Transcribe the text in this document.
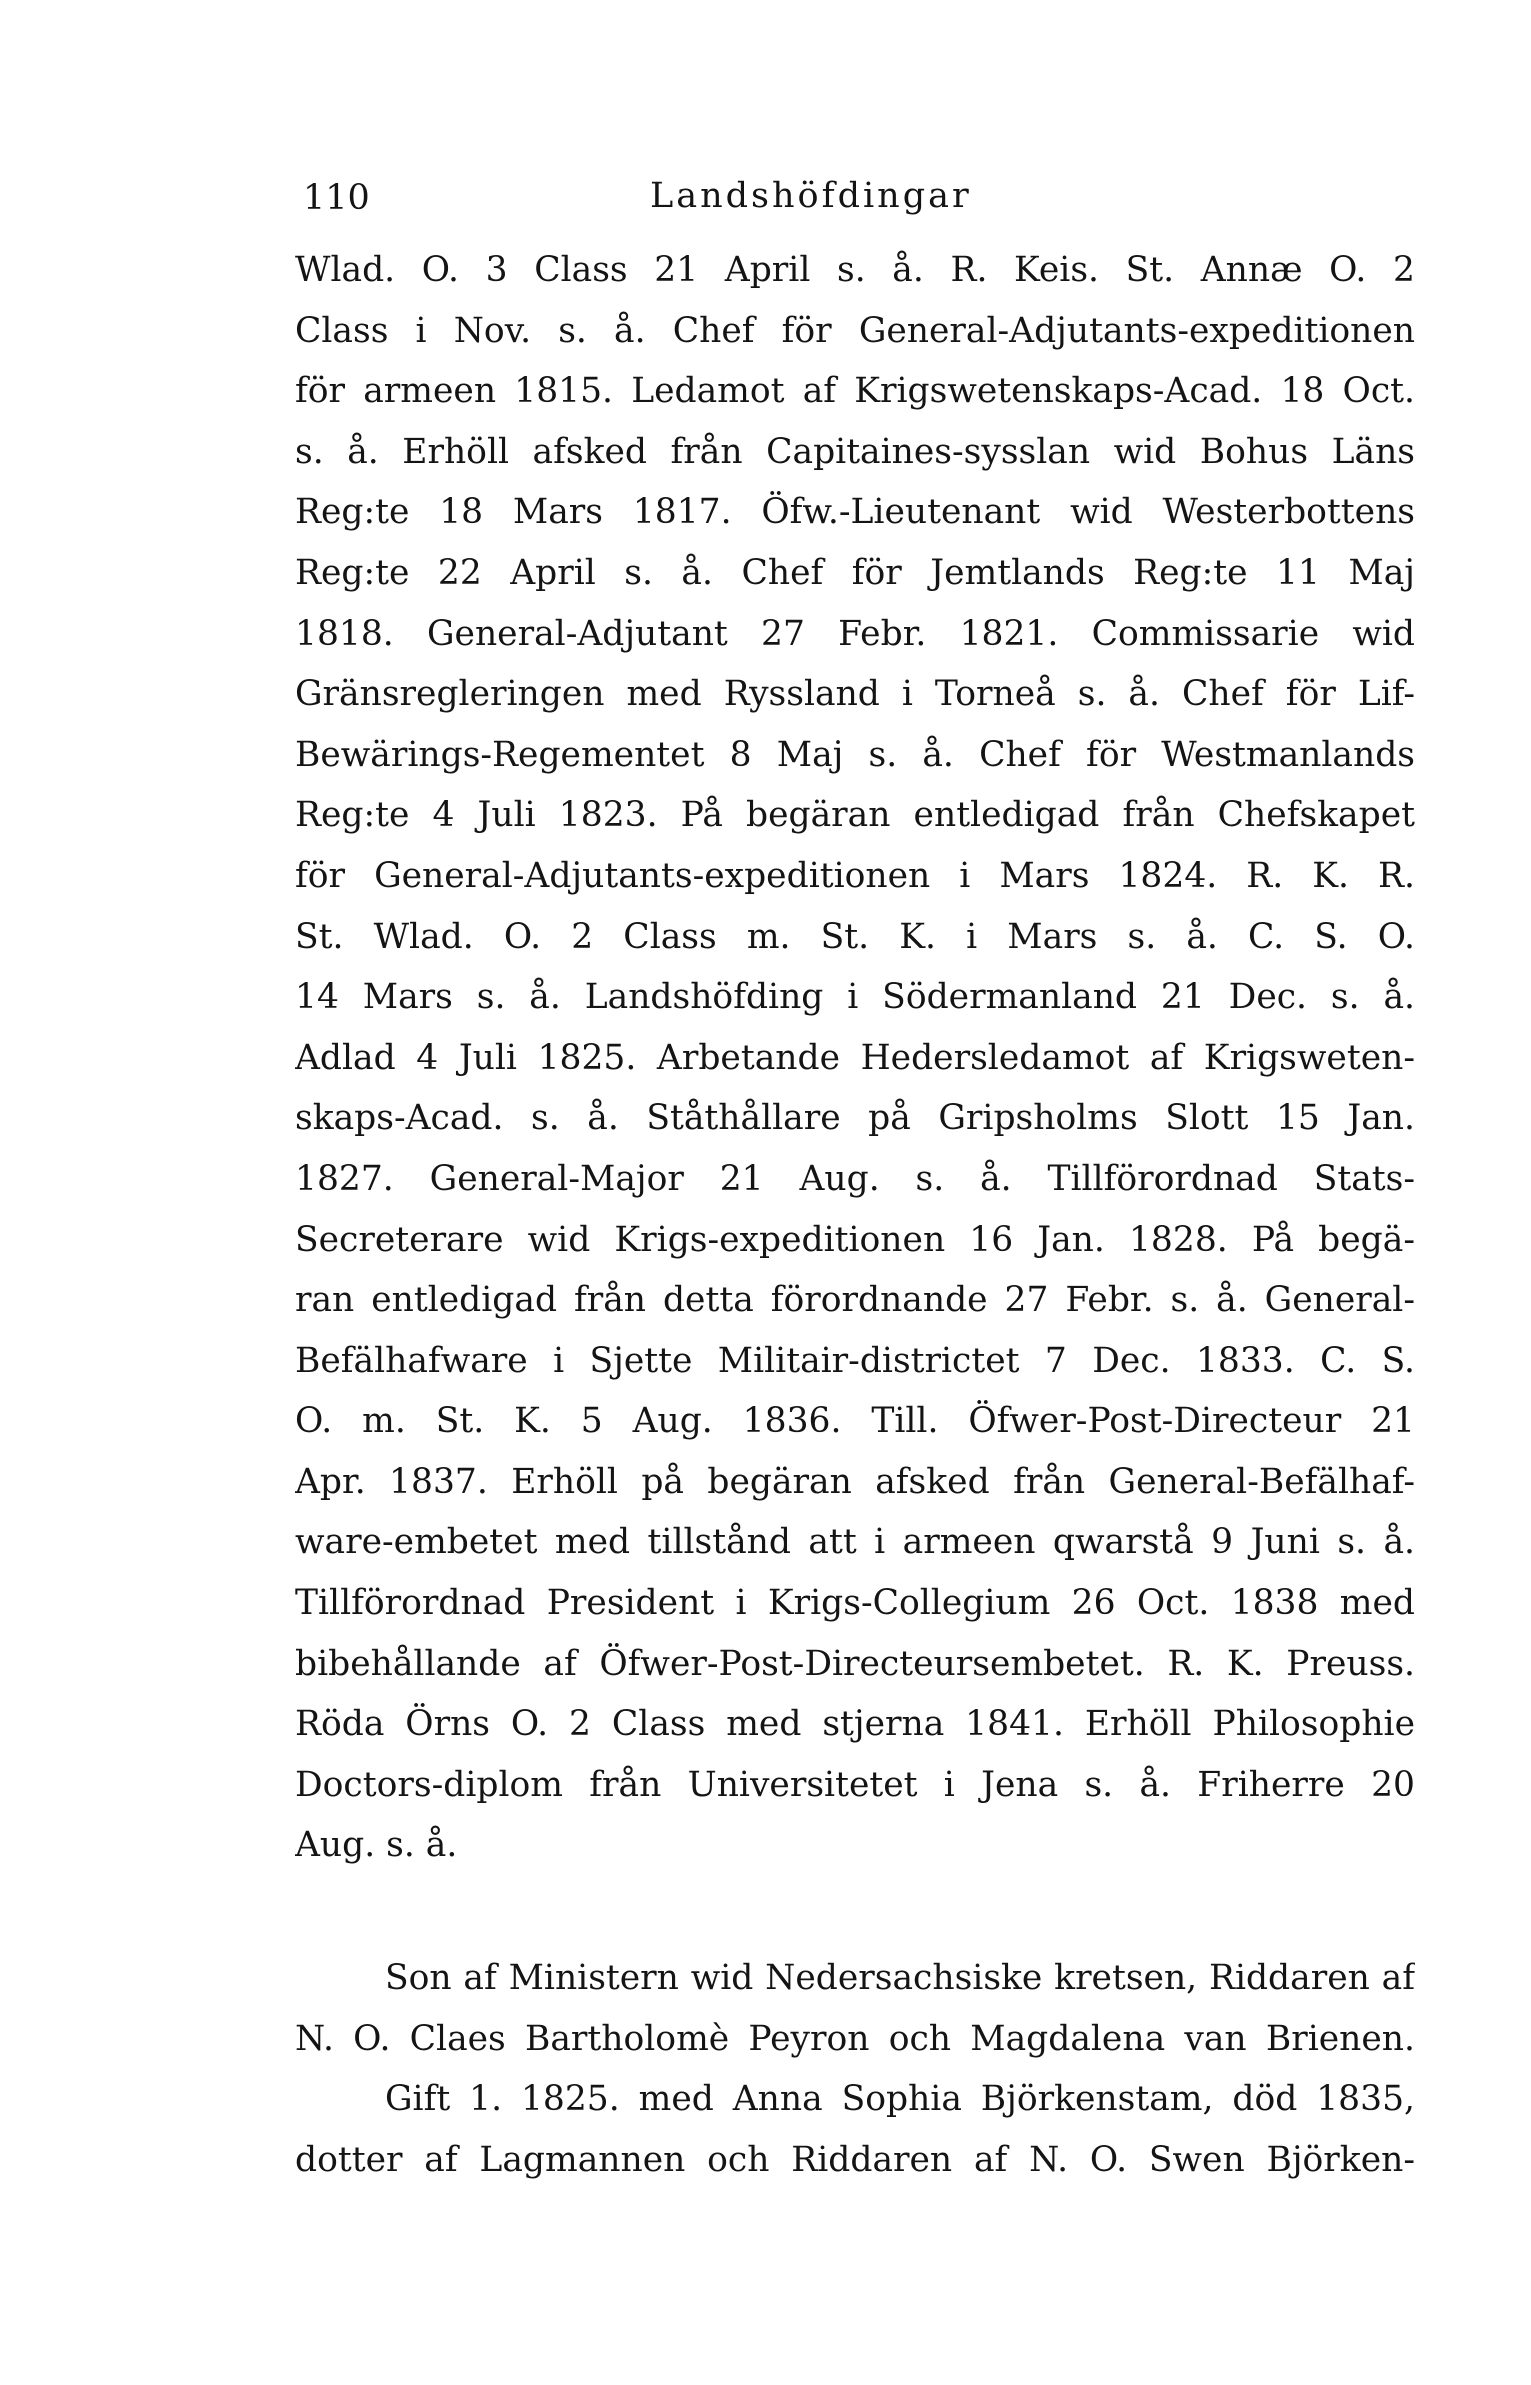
110	Landshöfdingar
Wlad. O. 3 Class 21 April s. å. R. Keis. St. Annæ O. 2
Class i Nov. s. å. Chef för General-Adjutants-expeditionen
för armeen 1815. Ledamot af Krigswetenskaps-Acad. 18 Oct.
s. å. Erhöll afsked från Capitaines-sysslan wid Bohus Läns
Reg:te 18 Mars 1817. Öfw.-Lieutenant wid Westerbottens
Reg:te 22 April s. å. Chef för Jemtlands Reg:te 11 Maj
1818. General-Adjutant 27 Febr. 1821. Commissarie wid
Gränsregleringen med Ryssland i Torneå s. å. Chef för Lif-
Bewärings-Regementet 8 Maj s. å. Chef för Westmanlands
Reg:te 4 Juli 1823. På begäran entledigad från Chefskapet
för General-Adjutants-expeditionen i Mars 1824. R. K. R.
St. Wlad. O. 2 Class m. St. K. i Mars s. å. C. S. O.
14 Mars s. å. Landshöfding i Södermanland 21 Dec. s. å.
Adlad 4 Juli 1825. Arbetande Hedersledamot af Krigsweten-
skaps-Acad. s. å. Ståthållare på Gripsholms Slott 15 Jan.
1827. General-Major 21 Aug. s. å. Tillförordnad Stats-
Secreterare wid Krigs-expeditionen 16 Jan. 1828. På begä-
ran entledigad från detta förordnande 27 Febr. s. å. General-
Befälhafware i Sjette Militair-districtet 7 Dec. 1833. C. S.
O. m. St. K. 5 Aug. 1836. Till. Öfwer-Post-Directeur 21
Apr. 1837. Erhöll på begäran afsked från General-Befälhaf-
ware-embetet med tillstånd att i armeen qwarstå 9 Juni s. å.
Tillförordnad President i Krigs-Collegium 26 Oct. 1838 med
bibehållande af Öfwer-Post-Directeursembetet. R. K. Preuss.
Röda Örns O. 2 Class med stjerna 1841. Erhöll Philosophie
Doctors-diplom från Universitetet i Jena s. å. Friherre 20
Aug. s. å.
Son af Ministern wid Nedersachsiske kretsen, Riddaren af
N. O. Claes Bartholomè Peyron och Magdalena van Brienen.
Gift 1. 1825. med Anna Sophia Björkenstam, död 1835,
dotter af Lagmannen och Riddaren af N. O. Swen Björken-
